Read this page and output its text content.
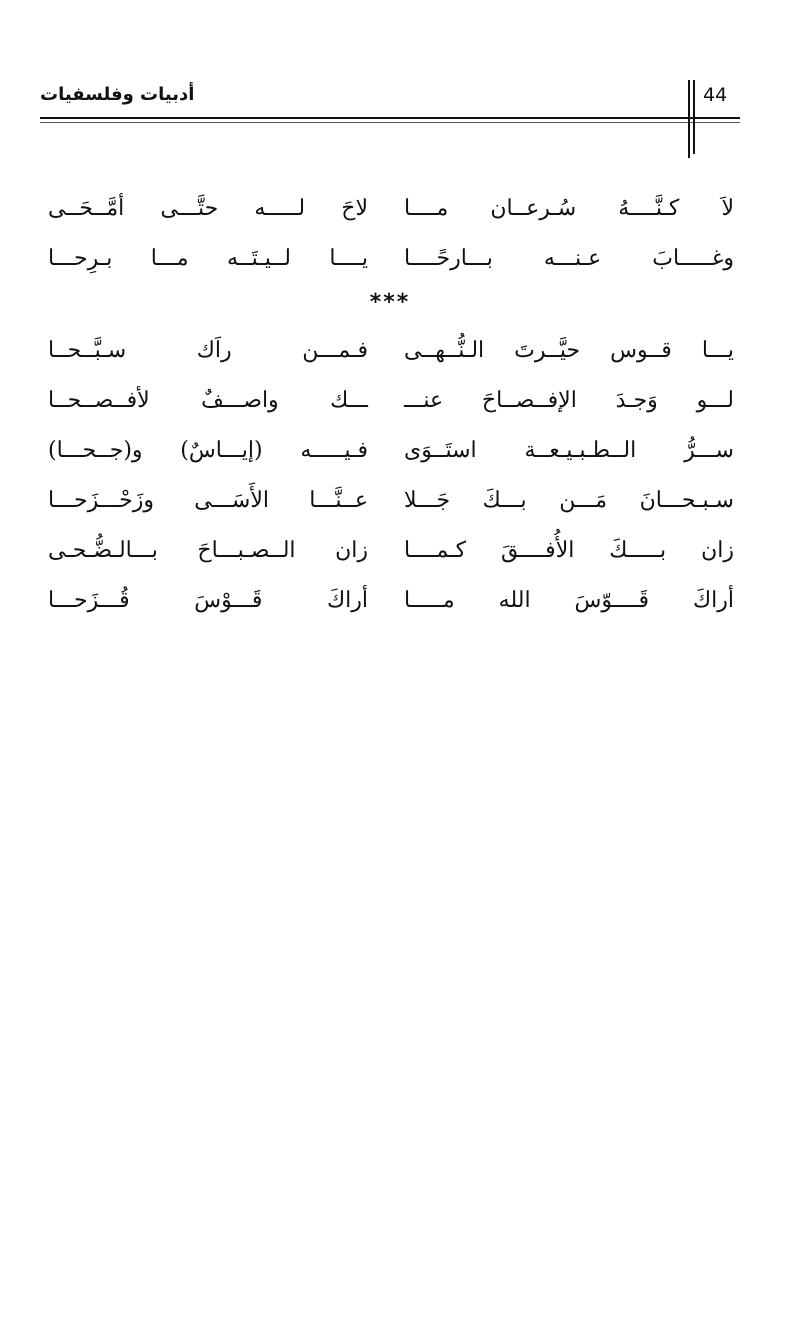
أدبيات وفلسفيات	44
لاَ كـنَّــــهُ سُـرعــان مــــا
لاحَ لـــــه حتَّـــى أمَّــحَــى
وغـــــابَ عـنـــه بـــارحًــــا
يــــا لــيـتَــه مـــا بـرِحـــا
***
يـــا قــوس حيَّــرتَ الـنُّــهــى
فـمـــن راَك سـبَّــحــا
لـــو وَجـدَ الإفــصــاحَ عنـــ
ـــك واصـــفٌ لأفــصــحــا
ســـرُّ الــطـبـيـعــة استَــوَى
فـيـــــه (إيـــاسٌ) و(جــحـــا)
سـبـحـــانَ مَـــن بـــكَ جَـــلا
عــنَّـــا الأَسَـــى وزَحْـــزَحـــا
زان بـــــكَ الأُفــــقَ كـمــــا
زان الــصـبـــاحَ بـــالـضُّـحـى
أراكَ قَــــوّسَ الله مـــــا
أراكَ قَـــوْسَ قُـــزَحـــا
